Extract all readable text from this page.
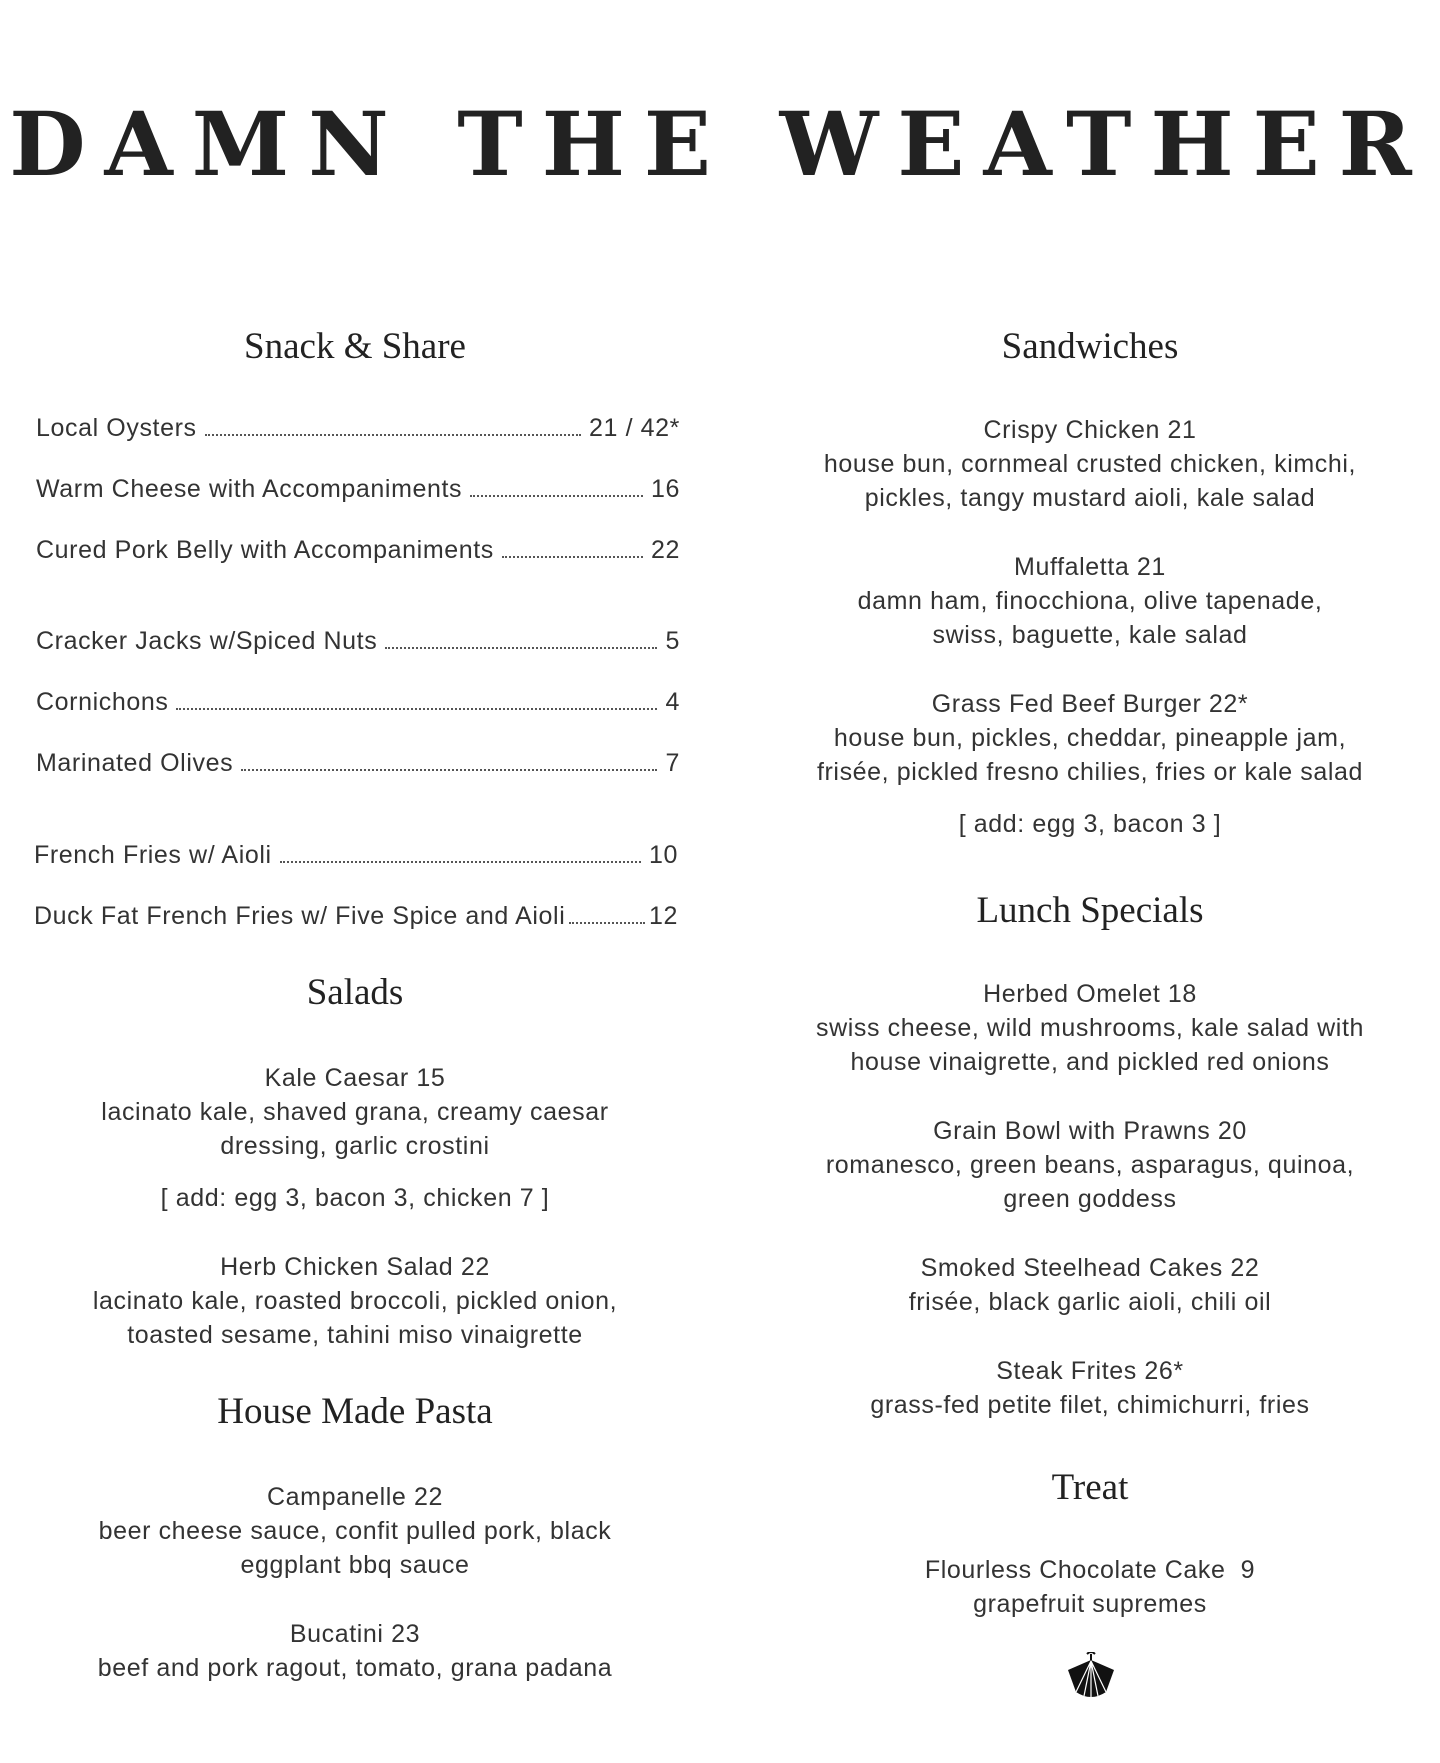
DAMN THE WEATHER
Snack & Share
Local Oysters	21 / 42*
Warm Cheese with Accompaniments	16
Cured Pork Belly with Accompaniments	22
Cracker Jacks w/Spiced Nuts	5
Cornichons	4
Marinated Olives	7
French Fries w/ Aioli	10
Duck Fat French Fries w/ Five Spice and Aioli	12
Salads
Kale Caesar 15
lacinato kale, shaved grana, creamy caesar
dressing, garlic crostini
[ add: egg 3, bacon 3, chicken 7 ]
Herb Chicken Salad 22
lacinato kale, roasted broccoli, pickled onion,
toasted sesame, tahini miso vinaigrette
House Made Pasta
Campanelle 22
beer cheese sauce, confit pulled pork, black
eggplant bbq sauce
Bucatini 23
beef and pork ragout, tomato, grana padana
Sandwiches
Crispy Chicken 21
house bun, cornmeal crusted chicken, kimchi,
pickles, tangy mustard aioli, kale salad
Muffaletta 21
damn ham, finocchiona, olive tapenade,
swiss, baguette, kale salad
Grass Fed Beef Burger 22*
house bun, pickles, cheddar, pineapple jam,
frisée, pickled fresno chilies, fries or kale salad
[ add: egg 3, bacon 3 ]
Lunch Specials
Herbed Omelet 18
swiss cheese, wild mushrooms, kale salad with
house vinaigrette, and pickled red onions
Grain Bowl with Prawns 20
romanesco, green beans, asparagus, quinoa,
green goddess
Smoked Steelhead Cakes 22
frisée, black garlic aioli, chili oil
Steak Frites 26*
grass-fed petite filet, chimichurri, fries
Treat
Flourless Chocolate Cake  9
grapefruit supremes
